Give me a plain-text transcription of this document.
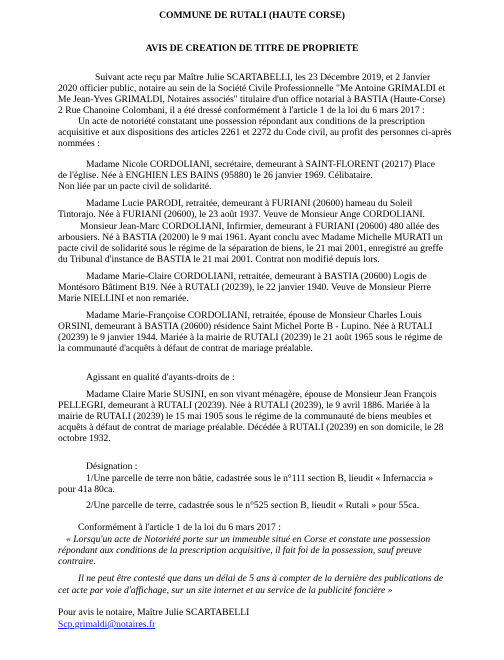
COMMUNE DE RUTALI (HAUTE CORSE)
AVIS DE CREATION DE TITRE DE PROPRIETE
Suivant acte reçu par Maître Julie SCARTABELLI, les 23 Décembre 2019, et 2 Janvier
2020 officier public, notaire au sein de la Société Civile Professionnelle "Me Antoine GRIMALDI et
Me Jean-Yves GRIMALDI, Notaires associés" titulaire d'un office notarial à BASTIA (Haute-Corse)
2 Rue Chanoine Colombani, il a été dressé conformément à l'article 1 de la loi du 6 mars 2017 :
Un acte de notoriété constatant une possession répondant aux conditions de la prescription
acquisitive et aux dispositions des articles 2261 et 2272 du Code civil, au profit des personnes ci-après
nommées :
Madame Nicole CORDOLIANI, secrétaire, demeurant à SAINT-FLORENT (20217) Place
de l'église. Née à ENGHIEN LES BAINS (95880) le 26 janvier 1969. Célibataire.
Non liée par un pacte civil de solidarité.
Madame Lucie PARODI, retraitée, demeurant à FURIANI (20600) hameau du Soleil
Tintorajo. Née à FURIANI (20600), le 23 août 1937. Veuve de Monsieur Ange CORDOLIANI.
Monsieur Jean-Marc CORDOLIANI, Infirmier, demeurant à FURIANI (20600) 480 allée des
arbousiers. Né à BASTIA (20200) le 9 mai 1961. Ayant conclu avec Madame Michelle MURATI un
pacte civil de solidarité sous le régime de la séparation de biens, le 21 mai 2001, enregistré au greffe
du Tribunal d'instance de BASTIA le 21 mai 2001. Contrat non modifié depuis lors.
Madame Marie-Claire CORDOLIANI, retraitée, demeurant à BASTIA (20600) Logis de
Montésoro Bâtiment B19. Née à RUTALI (20239), le 22 janvier 1940. Veuve de Monsieur Pierre
Marie NIELLINI et non remariée.
Madame Marie-Françoise CORDOLIANI, retraitée, épouse de Monsieur Charles Louis
ORSINI, demeurant à BASTIA (20600) résidence Saint Michel Porte B - Lupino. Née à RUTALI
(20239) le 9 janvier 1944. Mariée à la mairie de RUTALI (20239) le 21 août 1965 sous le régime de
la communauté d'acquêts à défaut de contrat de mariage préalable.
Agissant en qualité d'ayants-droits de :
Madame Claire Marie SUSINI, en son vivant ménagère, épouse de Monsieur Jean François
PELLEGRI, demeurant à RUTALI (20239). Née à RUTALI (20239), le 9 avril 1886. Mariée à la
mairie de RUTALI (20239) le 15 mai 1905 sous le régime de la communauté de biens meubles et
acquêts à défaut de contrat de mariage préalable. Décédée à RUTALI (20239) en son domicile, le 28
octobre 1932.
Désignation :
1/Une parcelle de terre non bâtie, cadastrée sous le n°111 section B, lieudit « Infernaccia »
pour 41a 80ca.
2/Une parcelle de terre, cadastrée sous le n°525 section B, lieudit « Rutali » pour 55ca.
Conformément à l'article 1 de la loi du 6 mars 2017 :
« Lorsqu'un acte de Notoriété porte sur un immeuble situé en Corse et constate une possession
répondant aux conditions de la prescription acquisitive, il fait foi de la possession, sauf preuve
contraire.
Il ne peut être contesté que dans un délai de 5 ans à compter de la dernière des publications de
cet acte par voie d'affichage, sur un site internet et au service de la publicité foncière »
Pour avis le notaire, Maître Julie SCARTABELLI
Scp.grimaldi@notaires.fr
